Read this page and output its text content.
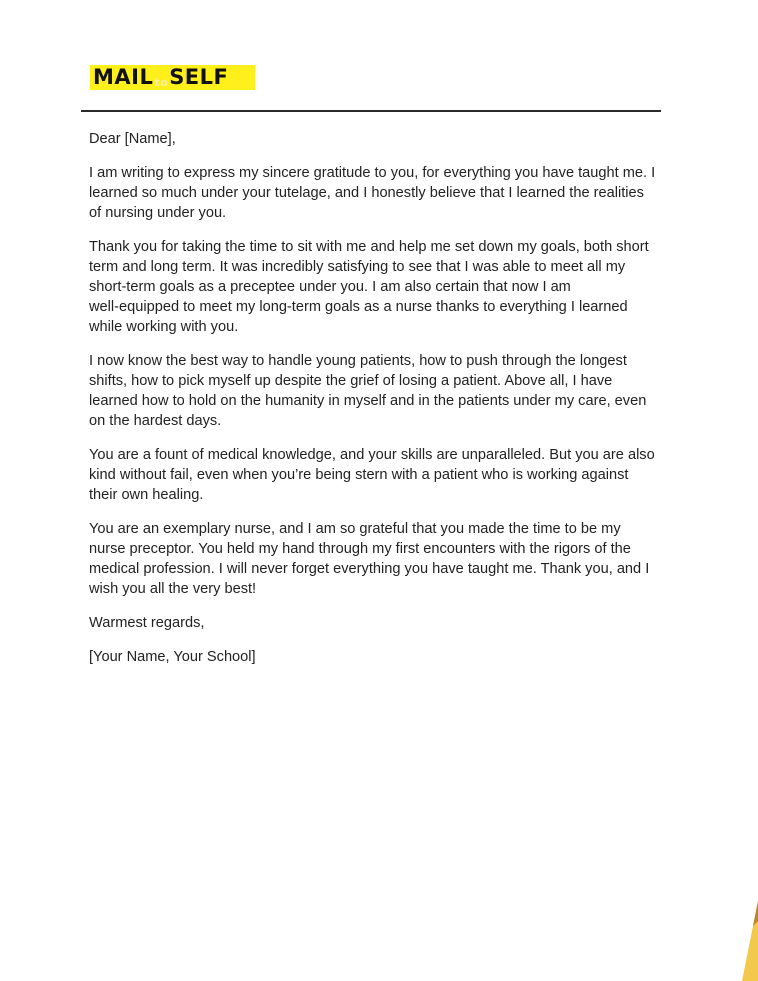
MAIL to SELF

Dear [Name],

I am writing to express my sincere gratitude to you, for everything you have taught me. I
learned so much under your tutelage, and I honestly believe that I learned the realities
of nursing under you.

Thank you for taking the time to sit with me and help me set down my goals, both short
term and long term. It was incredibly satisfying to see that I was able to meet all my
short-term goals as a preceptee under you. I am also certain that now I am
well-equipped to meet my long-term goals as a nurse thanks to everything I learned
while working with you.

I now know the best way to handle young patients, how to push through the longest
shifts, how to pick myself up despite the grief of losing a patient. Above all, I have
learned how to hold on the humanity in myself and in the patients under my care, even
on the hardest days.

You are a fount of medical knowledge, and your skills are unparalleled. But you are also
kind without fail, even when you’re being stern with a patient who is working against
their own healing.

You are an exemplary nurse, and I am so grateful that you made the time to be my
nurse preceptor. You held my hand through my first encounters with the rigors of the
medical profession. I will never forget everything you have taught me. Thank you, and I
wish you all the very best!

Warmest regards,

[Your Name, Your School]
